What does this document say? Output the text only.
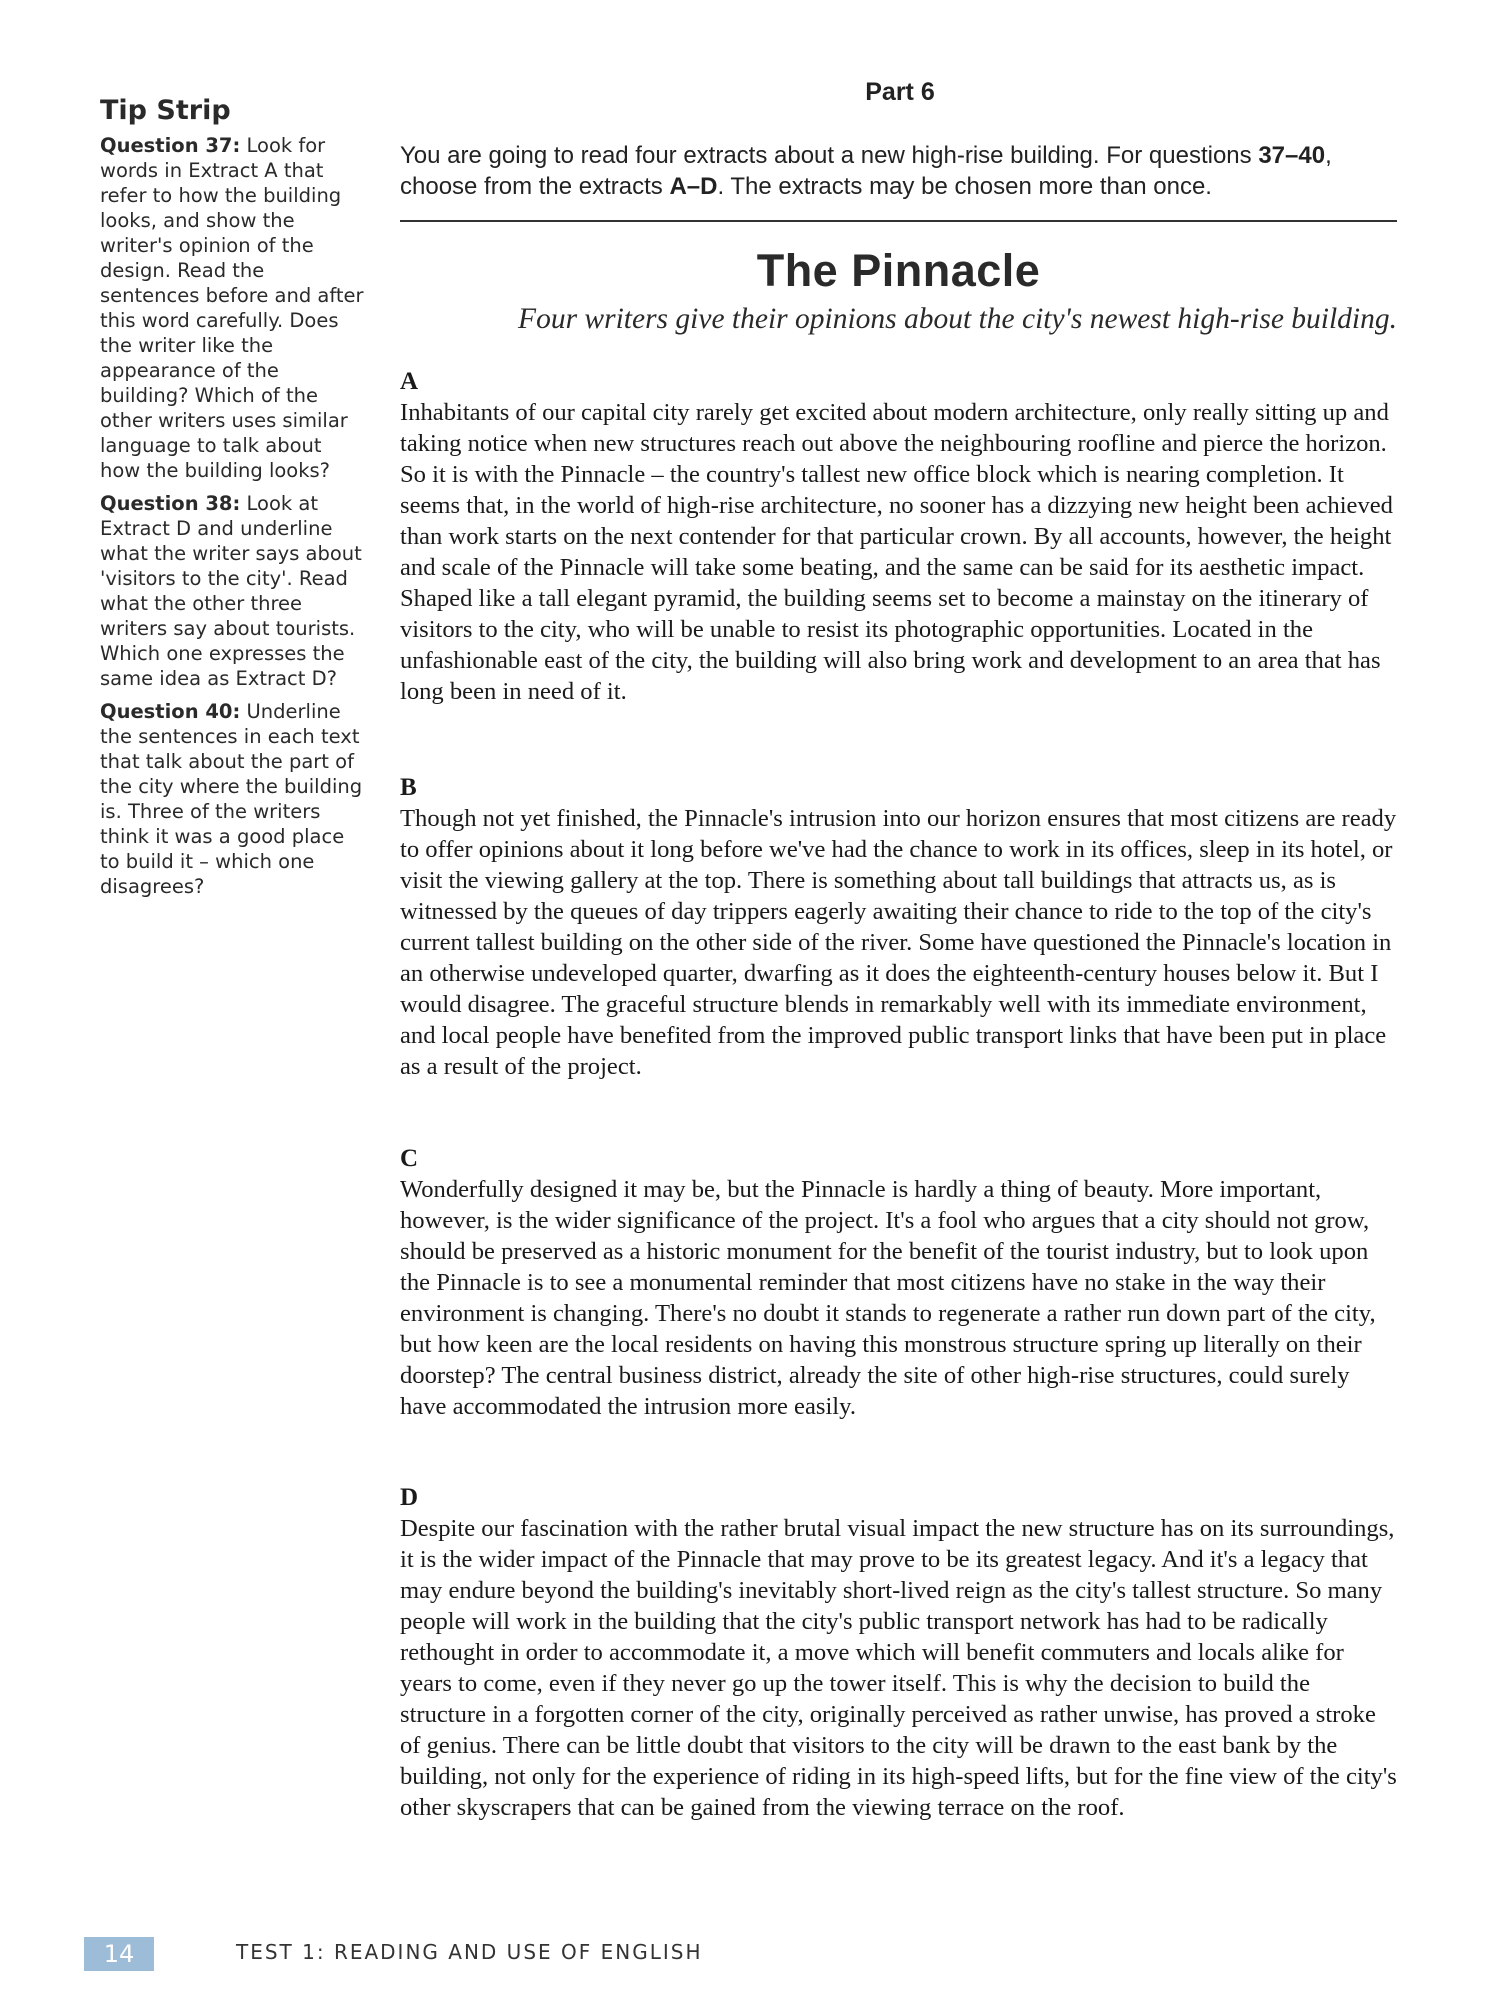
Tip Strip
Question 37: Look for words in Extract A that refer to how the building looks, and show the writer's opinion of the design. Read the sentences before and after this word carefully. Does the writer like the appearance of the building? Which of the other writers uses similar language to talk about how the building looks?
Question 38: Look at Extract D and underline what the writer says about 'visitors to the city'. Read what the other three writers say about tourists. Which one expresses the same idea as Extract D?
Question 40: Underline the sentences in each text that talk about the part of the city where the building is. Three of the writers think it was a good place to build it – which one disagrees?
Part 6
You are going to read four extracts about a new high-rise building. For questions 37–40, choose from the extracts A–D. The extracts may be chosen more than once.
The Pinnacle
Four writers give their opinions about the city's newest high-rise building.
A

Inhabitants of our capital city rarely get excited about modern architecture, only really sitting up and taking notice when new structures reach out above the neighbouring roofline and pierce the horizon. So it is with the Pinnacle – the country's tallest new office block which is nearing completion. It seems that, in the world of high-rise architecture, no sooner has a dizzying new height been achieved than work starts on the next contender for that particular crown. By all accounts, however, the height and scale of the Pinnacle will take some beating, and the same can be said for its aesthetic impact. Shaped like a tall elegant pyramid, the building seems set to become a mainstay on the itinerary of visitors to the city, who will be unable to resist its photographic opportunities. Located in the unfashionable east of the city, the building will also bring work and development to an area that has long been in need of it.

B

Though not yet finished, the Pinnacle's intrusion into our horizon ensures that most citizens are ready to offer opinions about it long before we've had the chance to work in its offices, sleep in its hotel, or visit the viewing gallery at the top. There is something about tall buildings that attracts us, as is witnessed by the queues of day trippers eagerly awaiting their chance to ride to the top of the city's current tallest building on the other side of the river. Some have questioned the Pinnacle's location in an otherwise undeveloped quarter, dwarfing as it does the eighteenth-century houses below it. But I would disagree. The graceful structure blends in remarkably well with its immediate environment, and local people have benefited from the improved public transport links that have been put in place as a result of the project.

C

Wonderfully designed it may be, but the Pinnacle is hardly a thing of beauty. More important, however, is the wider significance of the project. It's a fool who argues that a city should not grow, should be preserved as a historic monument for the benefit of the tourist industry, but to look upon the Pinnacle is to see a monumental reminder that most citizens have no stake in the way their environment is changing. There's no doubt it stands to regenerate a rather run down part of the city, but how keen are the local residents on having this monstrous structure spring up literally on their doorstep? The central business district, already the site of other high-rise structures, could surely have accommodated the intrusion more easily.

D

Despite our fascination with the rather brutal visual impact the new structure has on its surroundings, it is the wider impact of the Pinnacle that may prove to be its greatest legacy. And it's a legacy that may endure beyond the building's inevitably short-lived reign as the city's tallest structure. So many people will work in the building that the city's public transport network has had to be radically rethought in order to accommodate it, a move which will benefit commuters and locals alike for years to come, even if they never go up the tower itself. This is why the decision to build the structure in a forgotten corner of the city, originally perceived as rather unwise, has proved a stroke of genius. There can be little doubt that visitors to the city will be drawn to the east bank by the building, not only for the experience of riding in its high-speed lifts, but for the fine view of the city's other skyscrapers that can be gained from the viewing terrace on the roof.

14	TEST 1: READING AND USE OF ENGLISH
